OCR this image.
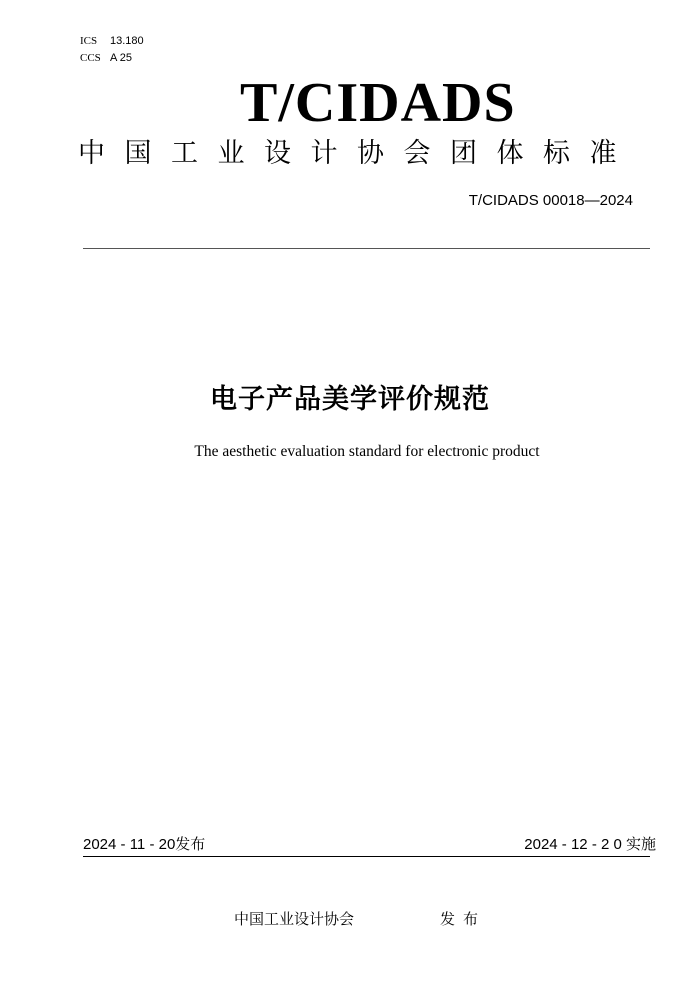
ICS 13.180
CCS A 25
T/CIDADS
中国工业设计协会团体标准
T/CIDADS 00018—2024
电子产品美学评价规范
The aesthetic evaluation standard for electronic product
2024 - 11 - 20发布	2024 - 12 - 2 0 实施
中国工业设计协会	发布
